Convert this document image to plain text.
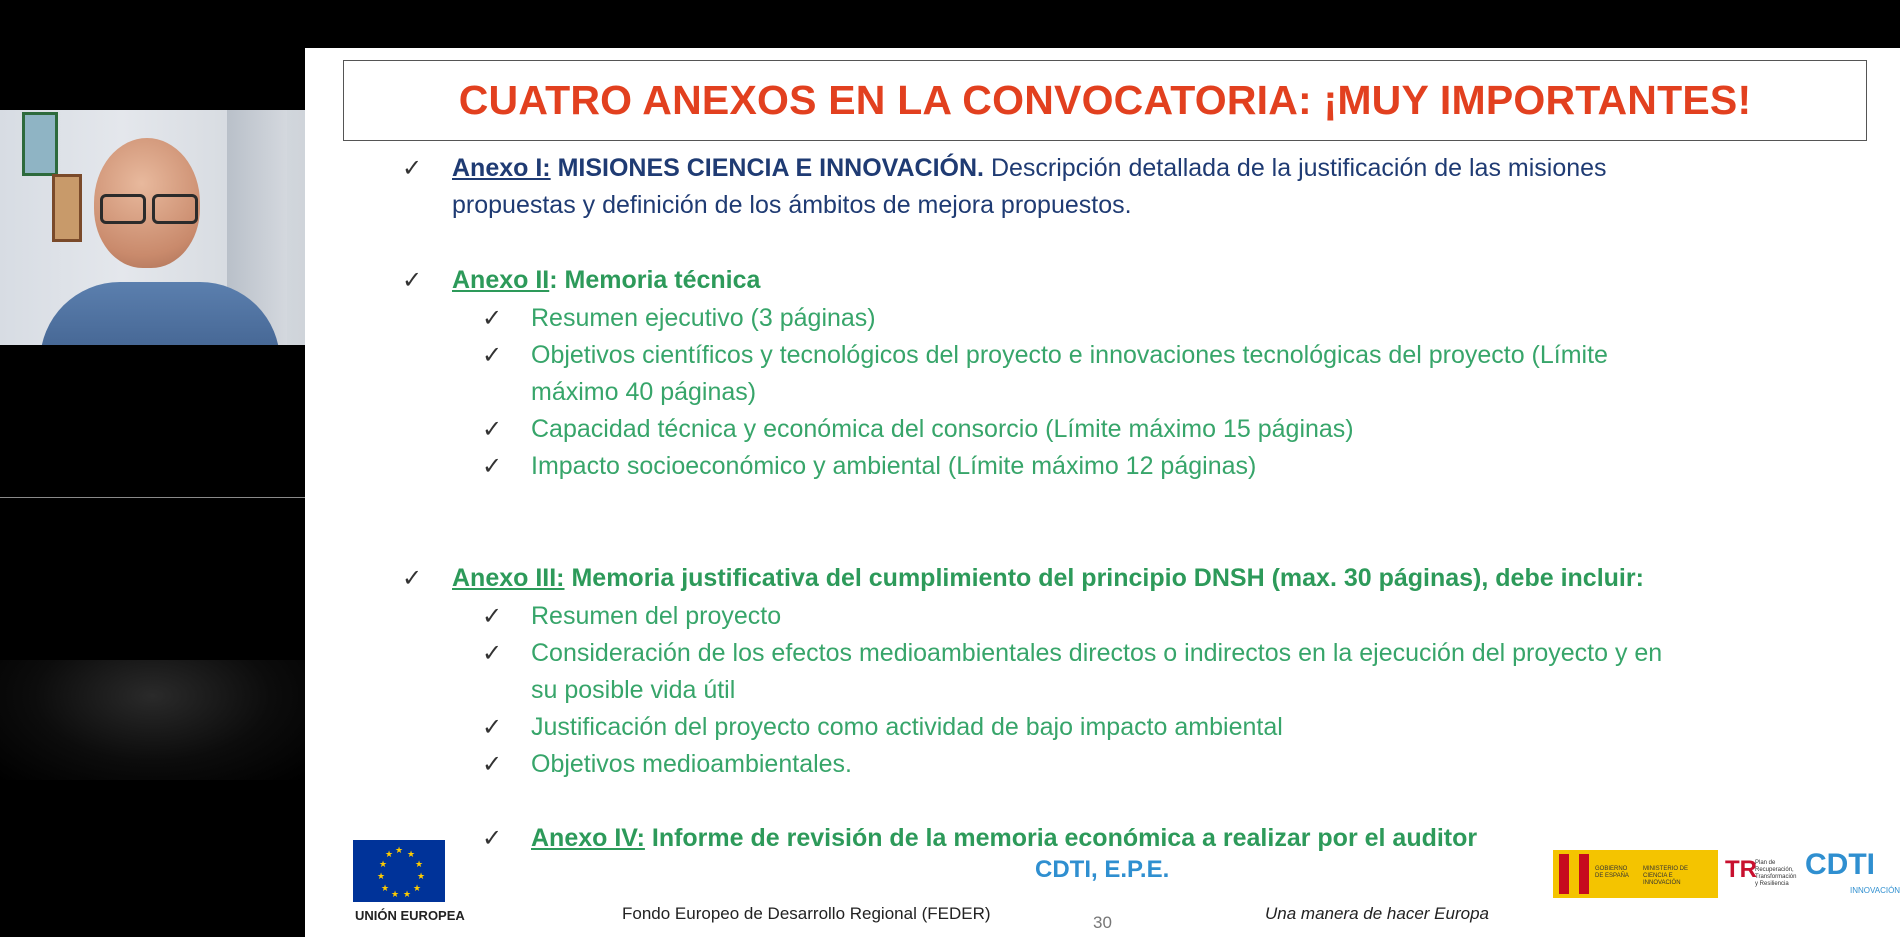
CUATRO ANEXOS EN LA CONVOCATORIA: ¡MUY IMPORTANTES!
✓ Anexo I: MISIONES CIENCIA E INNOVACIÓN. Descripción detallada de la justificación de las misiones
propuestas y definición de los ámbitos de mejora propuestos.
✓ Anexo II: Memoria técnica
✓ Resumen ejecutivo (3 páginas)
✓ Objetivos científicos y tecnológicos del proyecto e innovaciones tecnológicas del proyecto (Límite
máximo 40 páginas)
✓ Capacidad técnica y económica del consorcio (Límite máximo 15 páginas)
✓ Impacto socioeconómico y ambiental (Límite máximo 12 páginas)
✓ Anexo III: Memoria justificativa del cumplimiento del principio DNSH (max. 30 páginas), debe incluir:
✓ Resumen del proyecto
✓ Consideración de los efectos medioambientales directos o indirectos en la ejecución del proyecto y en
su posible vida útil
✓ Justificación del proyecto como actividad de bajo impacto ambiental
✓ Objetivos medioambientales.
✓ Anexo IV: Informe de revisión de la memoria económica a realizar por el auditor
★ ★
★
★
★
★
★
★
★
★
★
UNIÓN EUROPEA
CDTI, E.P.E.
Fondo Europeo de Desarrollo Regional (FEDER)	30	Una manera de hacer Europa
GOBIERNO DE ESPAÑA
MINISTERIO DE CIENCIA E INNOVACIÓN	TR
Plan de Recuperación, Transformación y Resiliencia
CDTI
INNOVACIÓN
